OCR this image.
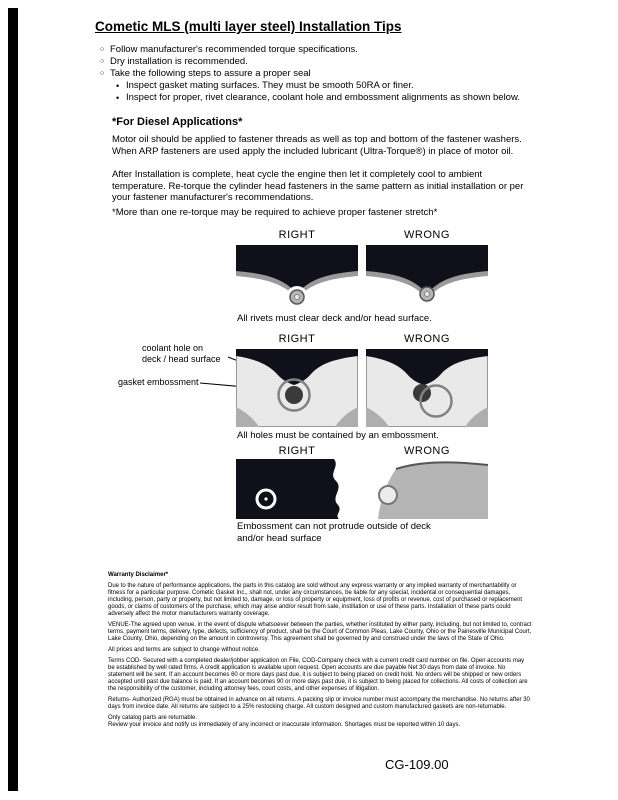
Cometic MLS (multi layer steel) Installation Tips
○ Follow manufacturer's recommended torque specifications.
○ Dry installation is recommended.
○ Take the following steps to assure a proper seal
• Inspect gasket mating surfaces. They must be smooth 50RA or finer.
• Inspect for proper, rivet clearance, coolant hole and embossment alignments as shown below.
*For Diesel Applications*
Motor oil should be applied to fastener threads as well as top and bottom of the fastener washers. When ARP fasteners are used apply the included lubricant (Ultra-Torque®) in place of motor oil.
After Installation is complete, heat cycle the engine then let it completely cool to ambient temperature. Re-torque the cylinder head fasteners in the same pattern as initial installation or per your fastener manufacturer's recommendations.
*More than one re-torque may be required to achieve proper fastener stretch*
RIGHT	WRONG
All rivets must clear deck and/or head surface.
RIGHT	WRONG
coolant hole on
deck / head surface
gasket embossment
All holes must be contained by an embossment.
RIGHT	WRONG
Embossment can not protrude outside of deck
and/or head surface
Warranty Disclaimer*

Due to the nature of performance applications, the parts in this catalog are sold without any express warranty or any implied warranty of merchantability or fitness for a particular purpose. Cometic Gasket Inc., shall not, under any circumstances, be liable for any special, incidental or consequential damages, including, person, party or property, but not limited to, damage, or loss of property or equipment, loss of profits or revenue, cost of purchased or replacement goods, or claims of customers of the purchase, which may arise and/or result from sale, instillation or use of these parts. Installation of these parts could adversely affect the motor manufacturers warranty coverage.

VENUE-The agreed upon venue, in the event of dispute whatsoever between the parties, whether instituted by either party, including, but not limited to, contract terms, payment terms, delivery, type, defects, sufficiency of product, shall be the Court of Common Pleas, Lake County, Ohio or the Painesville Municipal Court, Lake County, Ohio, depending on the amount in controversy. This agreement shall be governed by and construed under the laws of the State of Ohio.

All prices and terms are subject to change without notice.

Terms COD- Secured with a completed dealer/jobber application on File, COD-Company check with a current credit card number on file. Open accounts may be established by well rated firms. A credit application is available upon request. Open accounts are due payable Net 30 days from date of invoice. No statement will be sent. If an account becomes 60 or more days past due, it is subject to being placed on credit hold. No orders will be shipped or new orders accepted until past due balance is paid. If an account becomes 90 or more days past due, it is subject to being placed for collections. All costs of collection are the responsibility of the customer, including attorney fees, court costs, and other expenses of litigation.

Returns- Authorized (RGA) must be obtained in advance on all returns. A packing slip or invoice number must accompany the merchandise. No returns after 30 days from invoice date. All returns are subject to a 25% restocking charge. All custom designed and custom manufactured gaskets are non-returnable.

Only catalog parts are returnable.

Review your invoice and notify us immediately of any incorrect or inaccurate information. Shortages must be reported within 10 days.

CG-109.00
